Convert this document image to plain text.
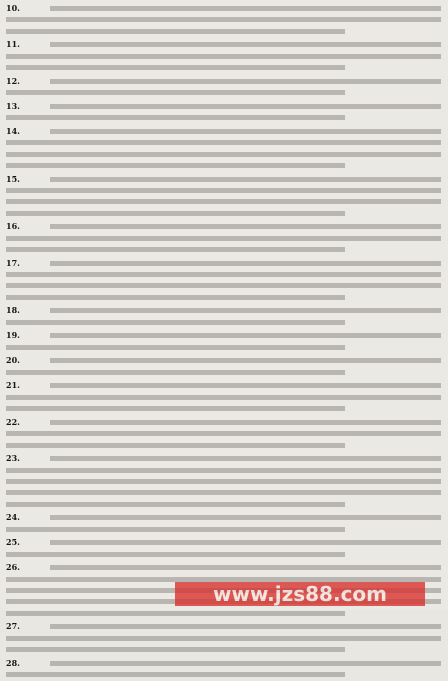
10.
11.
12.
13.
14.
15.
16.
17.
18.
19.
20.
21.
22.
23.
24.
25.
26.
27.
28.
www.jzs88.com
